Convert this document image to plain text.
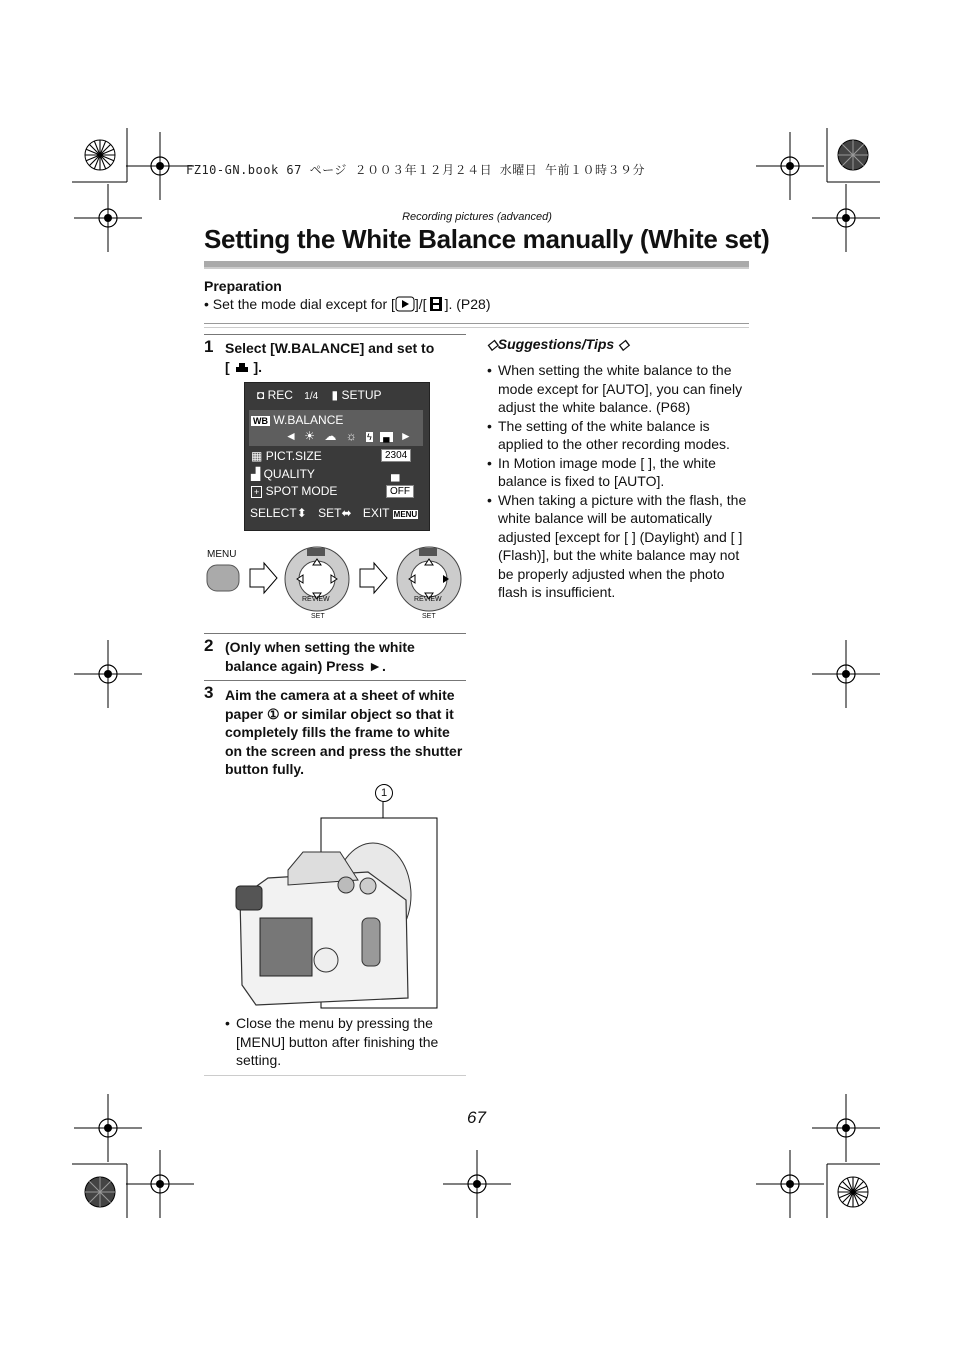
FZ10-GN.book 67 ページ ２００３年１２月２４日 水曜日 午前１０時３９分
Recording pictures (advanced)
Setting the White Balance manually (White set)
Preparation
• Set the mode dial except for [ ]/[ ]. (P28)
1 Select [W.BALANCE] and set to
[  ].
◘ REC 1/4 ▮ SETUP
WB W.BALANCE
◄ ☀ ☁ ☼ ϟ ▄ ►
▦ PICT.SIZE	2304
▟ QUALITY	▄
+ SPOT MODE	OFF
SELECT⬍ SET⬌ EXIT MENU
MENU
REVIEW
SET
REVIEW
SET
2 (Only when setting the white balance again) Press ►.
3 Aim the camera at a sheet of white paper ① or similar object so that it completely fills the frame to white on the screen and press the shutter button fully.
1
• Close the menu by pressing the [MENU] button after finishing the setting.
◇Suggestions/Tips ◇
• When setting the white balance to the mode except for [AUTO], you can finely adjust the white balance. (P68)
• The setting of the white balance is applied to the other recording modes.
• In Motion image mode [ ], the white balance is fixed to [AUTO].
• When taking a picture with the flash, the white balance will be automatically adjusted [except for [ ] (Daylight) and [ ] (Flash)], but the white balance may not be properly adjusted when the photo flash is insufficient.
67
